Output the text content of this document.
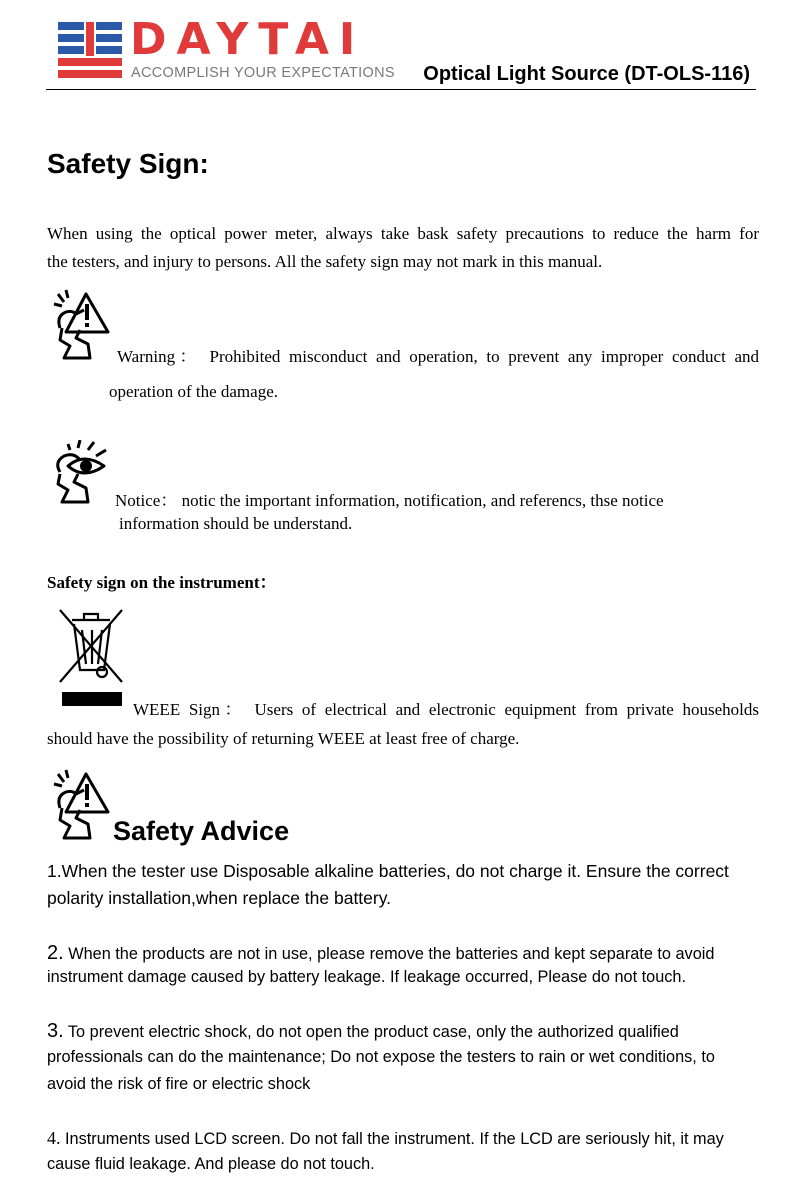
DAYTAI
ACCOMPLISH YOUR EXPECTATIONS Optical Light Source (DT-OLS-116)
Safety Sign:
When using the optical power meter, always take bask safety precautions to reduce the harm for
the testers, and injury to persons. All the safety sign may not mark in this manual.
Warning： Prohibited misconduct and operation, to prevent any improper conduct and
operation of the damage.
Notice： notic the important information, notification, and referencs, thse notice
information should be understand.
Safety sign on the instrument：
WEEE Sign： Users of electrical and electronic equipment from private households
should have the possibility of returning WEEE at least free of charge.
Safety Advice
1.When the tester use Disposable alkaline batteries, do not charge it. Ensure the correct
polarity installation,when replace the battery.
2. When the products are not in use, please remove the batteries and kept separate to avoid
instrument damage caused by battery leakage. If leakage occurred, Please do not touch.
3. To prevent electric shock, do not open the product case, only the authorized qualified
professionals can do the maintenance; Do not expose the testers to rain or wet conditions, to
avoid the risk of fire or electric shock
4. Instruments used LCD screen. Do not fall the instrument. If the LCD are seriously hit, it may
cause fluid leakage. And please do not touch.
